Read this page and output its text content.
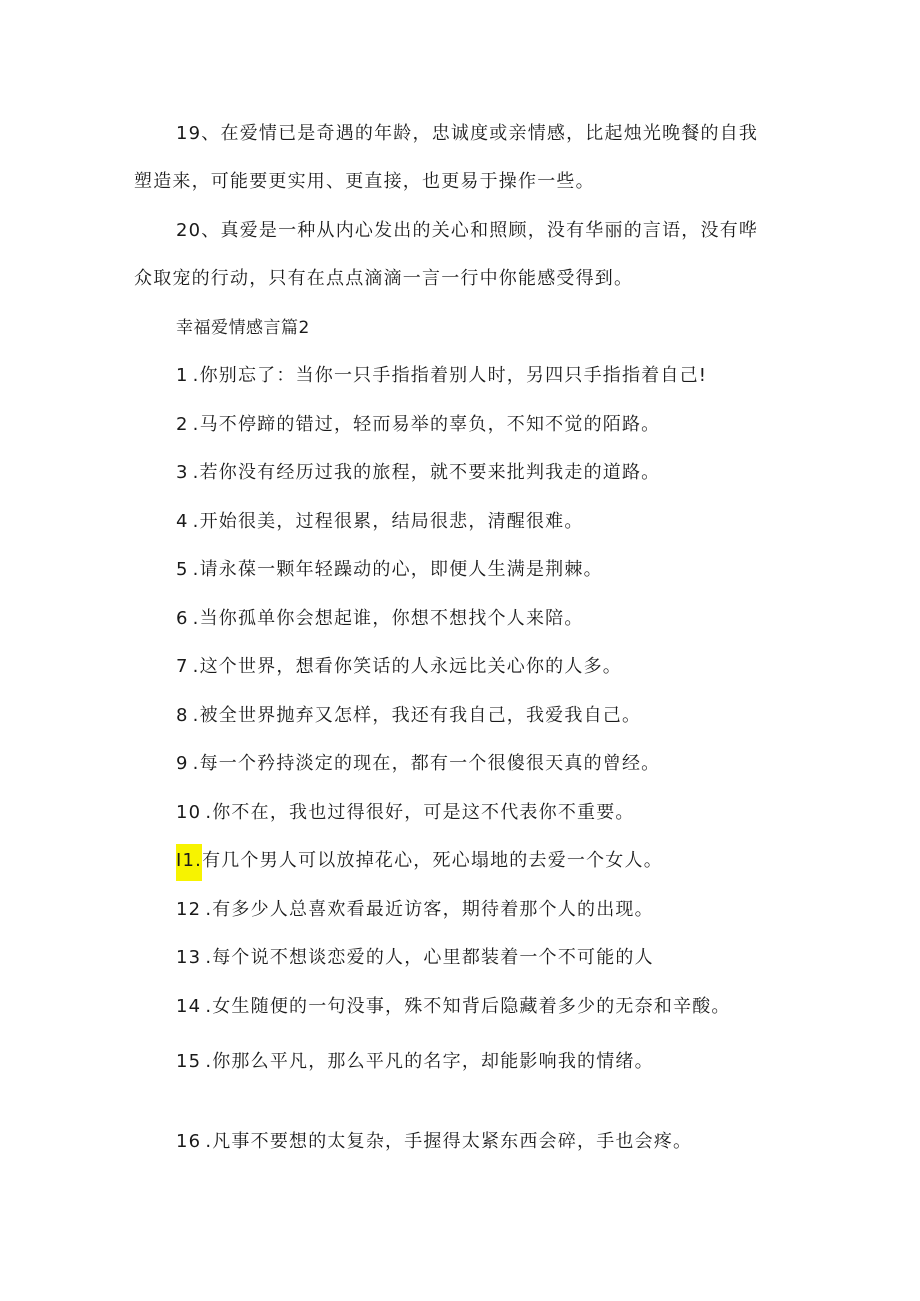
19、在爱情已是奇遇的年龄，忠诚度或亲情感，比起烛光晚餐的自我
塑造来，可能要更实用、更直接，也更易于操作一些。
20、真爱是一种从内心发出的关心和照顾，没有华丽的言语，没有哗
众取宠的行动，只有在点点滴滴一言一行中你能感受得到。
幸福爱情感言篇2
1 .你别忘了：当你一只手指指着别人时，另四只手指指着自己!
2 .马不停蹄的错过，轻而易举的辜负，不知不觉的陌路。
3 .若你没有经历过我的旅程，就不要来批判我走的道路。
4 .开始很美，过程很累，结局很悲，清醒很难。
5 .请永葆一颗年轻躁动的心，即便人生满是荆棘。
6 .当你孤单你会想起谁，你想不想找个人来陪。
7 .这个世界，想看你笑话的人永远比关心你的人多。
8 .被全世界抛弃又怎样，我还有我自己，我爱我自己。
9 .每一个矜持淡定的现在，都有一个很傻很天真的曾经。
10 .你不在，我也过得很好，可是这不代表你不重要。
I1.有几个男人可以放掉花心，死心塌地的去爱一个女人。
12 .有多少人总喜欢看最近访客，期待着那个人的出现。
13 .每个说不想谈恋爱的人，心里都装着一个不可能的人
14 .女生随便的一句没事，殊不知背后隐藏着多少的无奈和辛酸。
15 .你那么平凡，那么平凡的名字，却能影响我的情绪。
16 .凡事不要想的太复杂，手握得太紧东西会碎，手也会疼。
